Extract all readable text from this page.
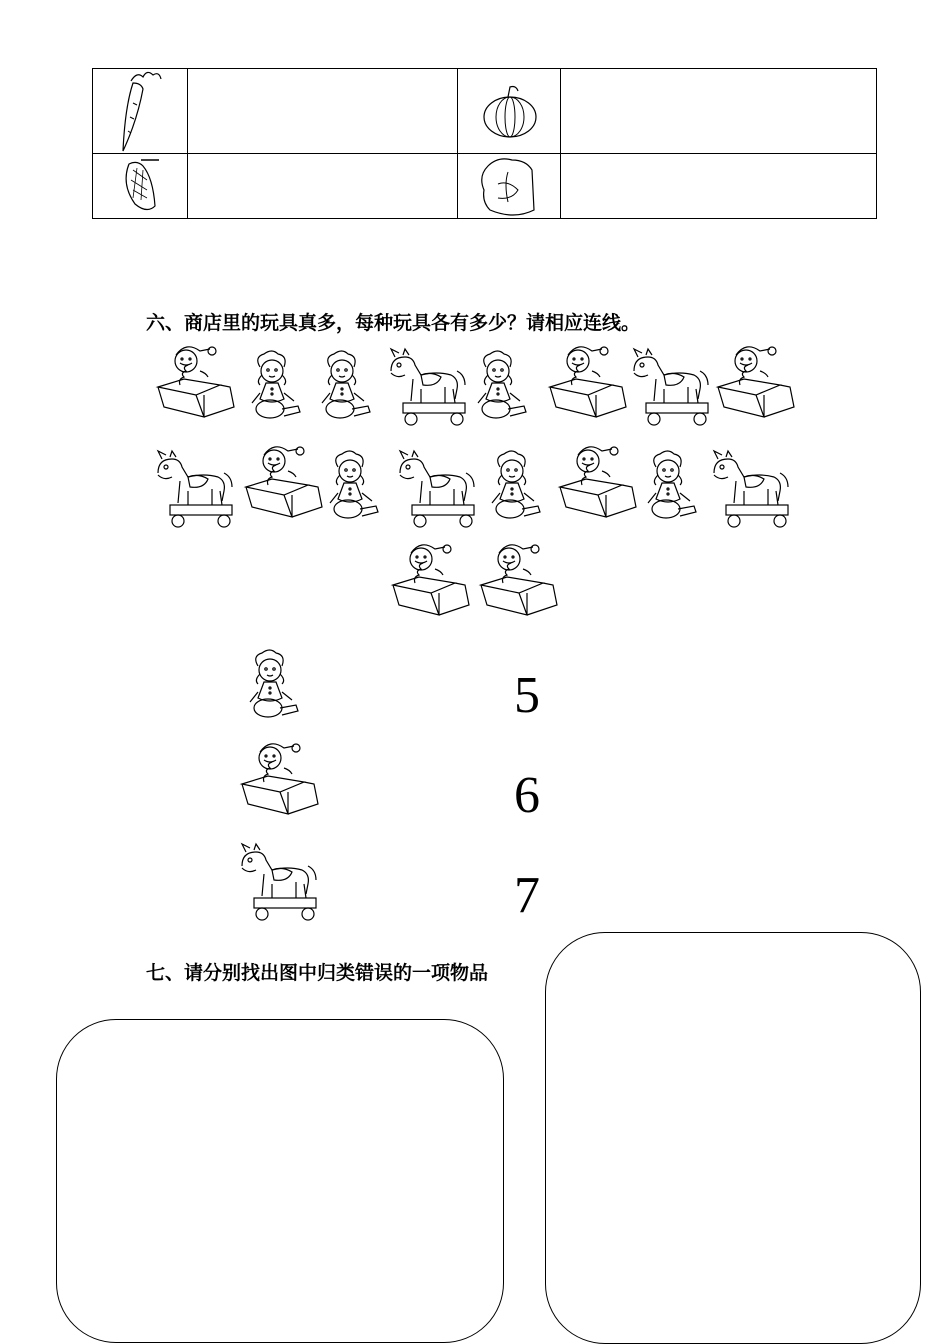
六、商店里的玩具真多，每种玩具各有多少？请相应连线。
5
6
7
七、请分别找出图中归类错误的一项物品
